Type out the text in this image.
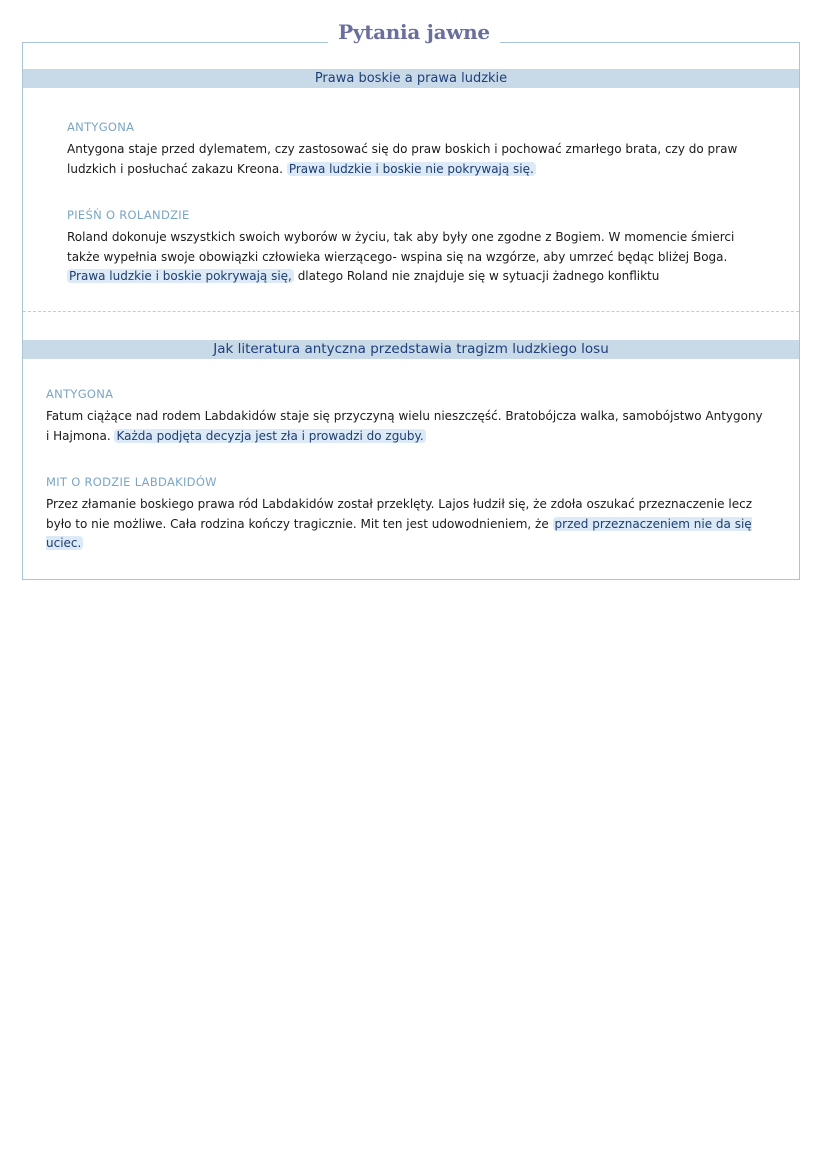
Pytania jawne
Prawa boskie a prawa ludzkie
ANTYGONA

Antygona staje przed dylematem, czy zastosować się do praw boskich i pochować zmarłego brata, czy do praw ludzkich i posłuchać zakazu Kreona. Prawa ludzkie i boskie nie pokrywają się.

PIEŚŃ O ROLANDZIE

Roland dokonuje wszystkich swoich wyborów w życiu, tak aby były one zgodne z Bogiem. W momencie śmierci także wypełnia swoje obowiązki człowieka wierzącego- wspina się na wzgórze, aby umrzeć będąc bliżej Boga. Prawa ludzkie i boskie pokrywają się, dlatego Roland nie znajduje się w sytuacji żadnego konfliktu

Jak literatura antyczna przedstawia tragizm ludzkiego losu
ANTYGONA

Fatum ciążące nad rodem Labdakidów staje się przyczyną wielu nieszczęść. Bratobójcza walka, samobójstwo Antygony i Hajmona. Każda podjęta decyzja jest zła i prowadzi do zguby.

MIT O RODZIE LABDAKIDÓW

Przez złamanie boskiego prawa ród Labdakidów został przeklęty. Lajos łudził się, że zdoła oszukać przeznaczenie lecz było to nie możliwe. Cała rodzina kończy tragicznie. Mit ten jest udowodnieniem, że przed przeznaczeniem nie da się uciec.
